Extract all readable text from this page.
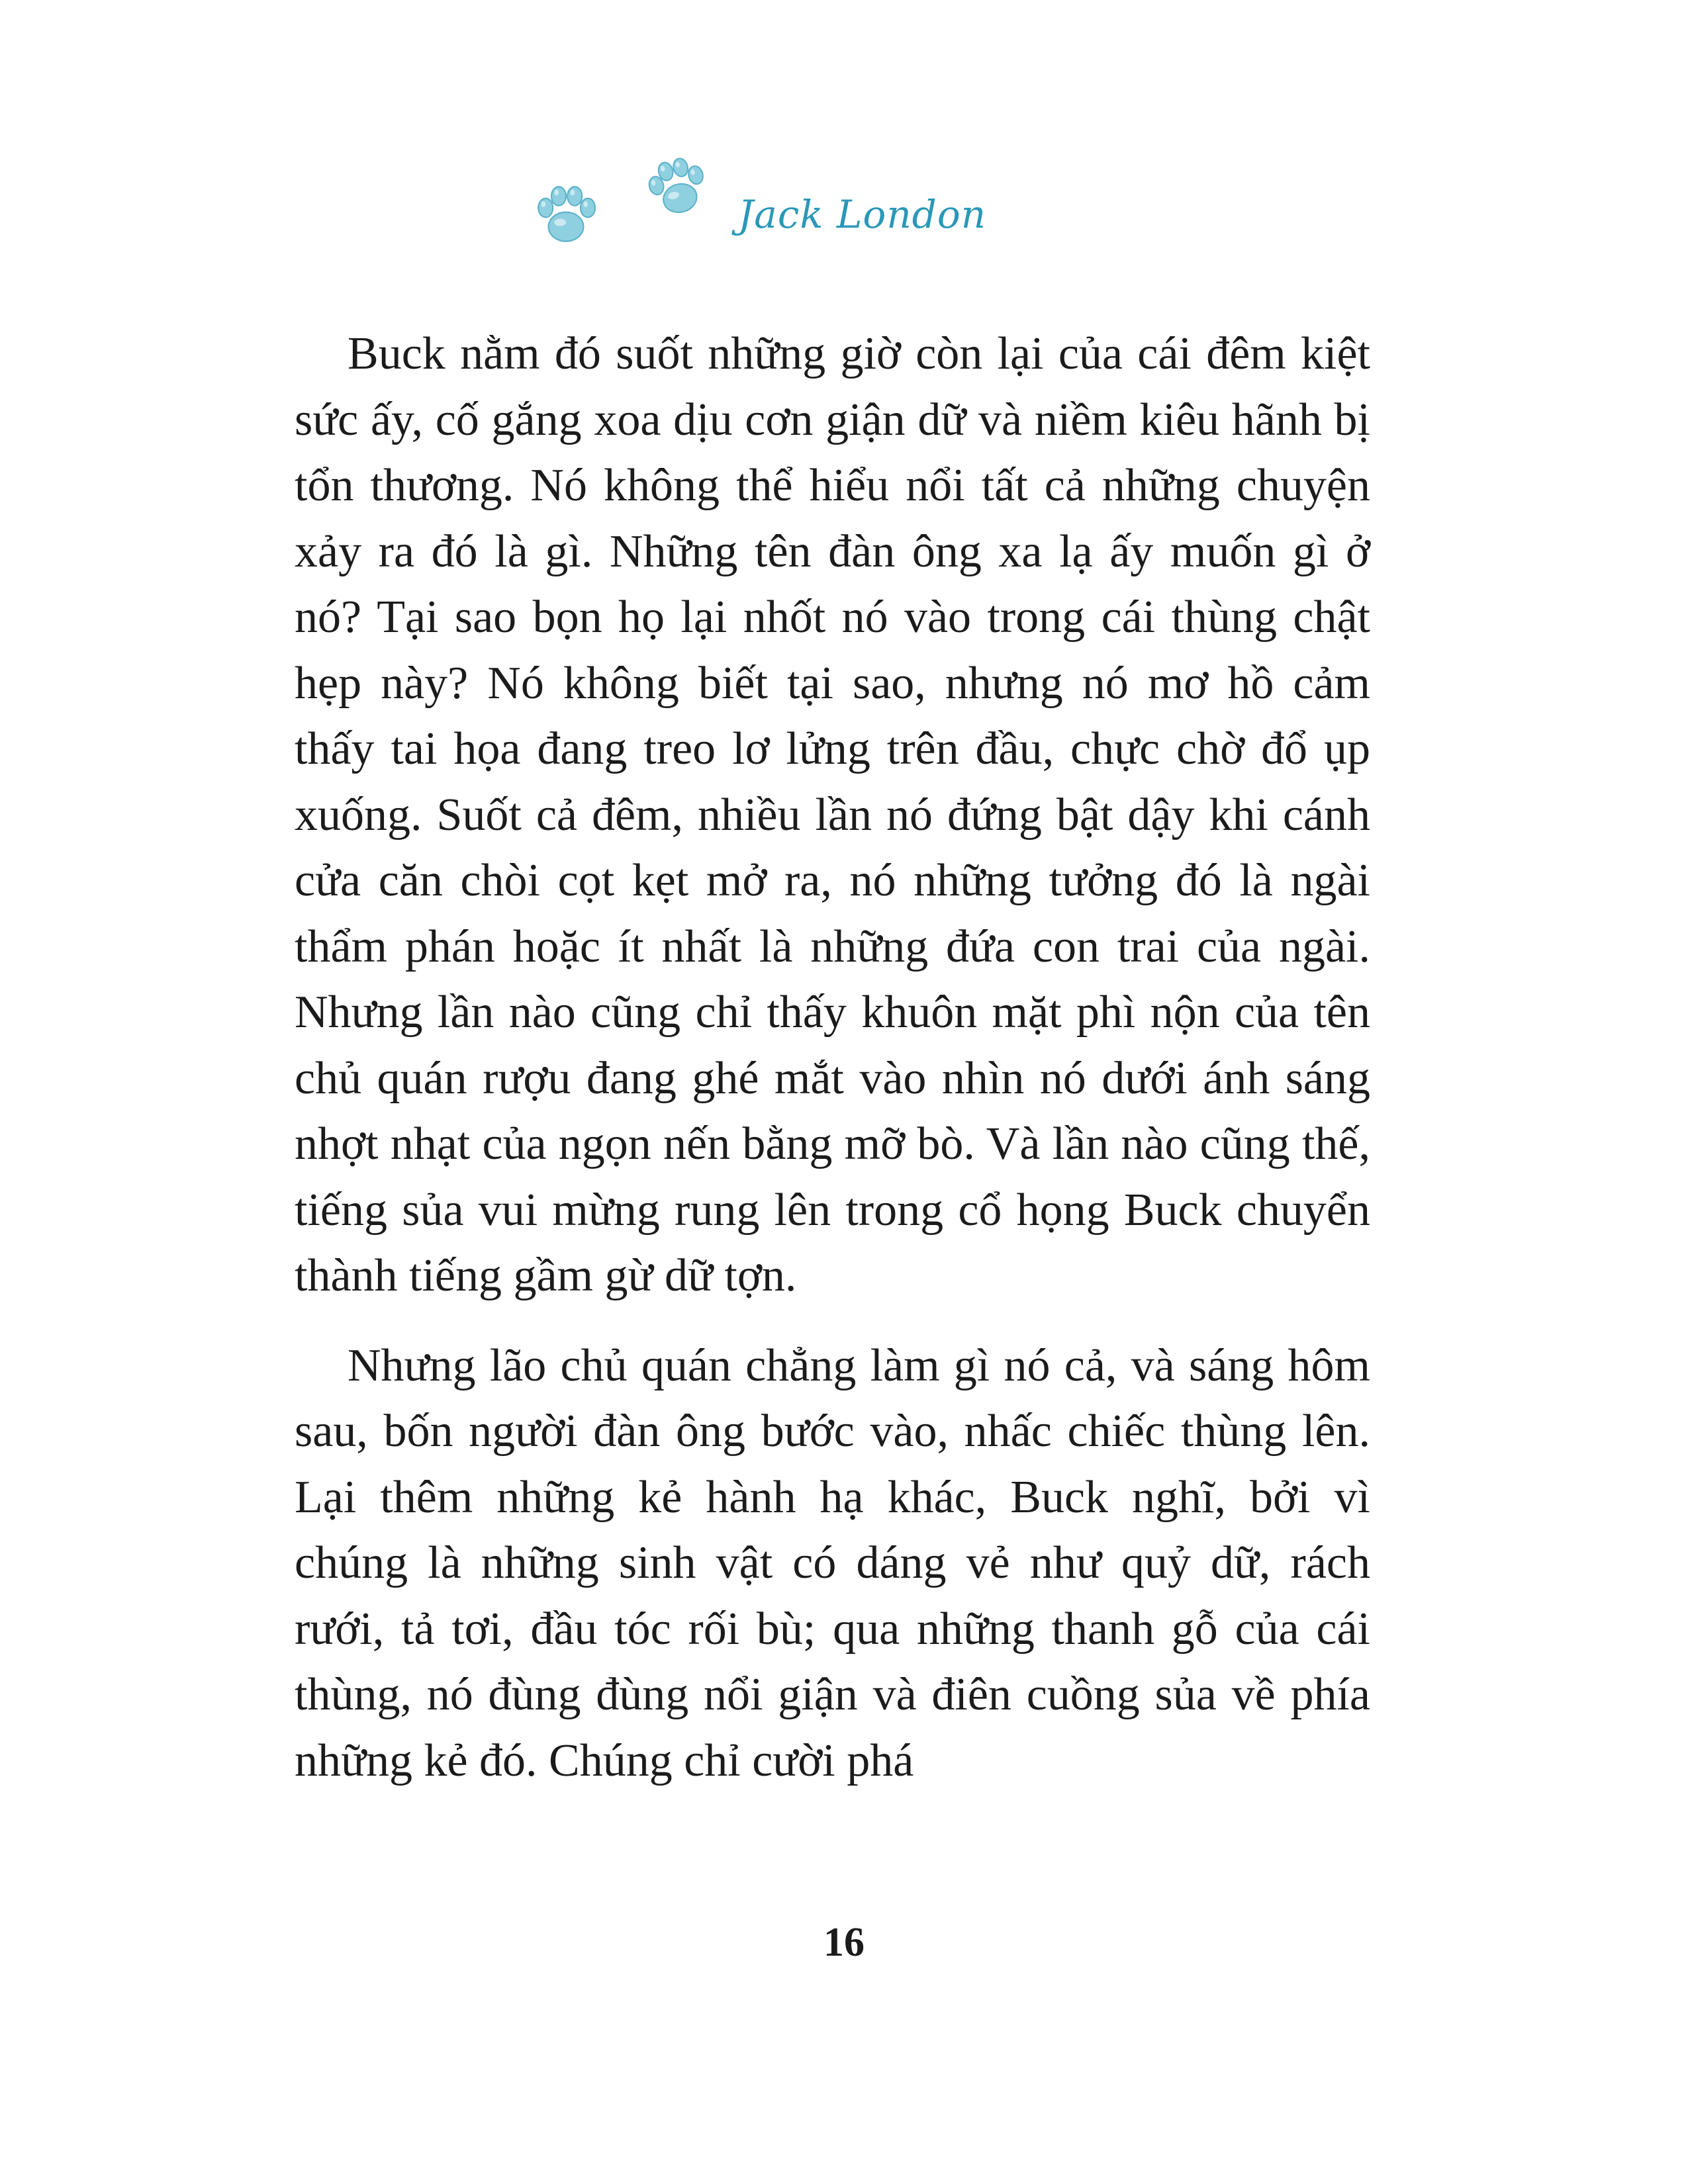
Jack London

Buck nằm đó suốt những giờ còn lại của cái đêm kiệt sức ấy, cố gắng xoa dịu cơn giận dữ và niềm kiêu hãnh bị tổn thương. Nó không thể hiểu nổi tất cả những chuyện xảy ra đó là gì. Những tên đàn ông xa lạ ấy muốn gì ở nó? Tại sao bọn họ lại nhốt nó vào trong cái thùng chật hẹp này? Nó không biết tại sao, nhưng nó mơ hồ cảm thấy tai họa đang treo lơ lửng trên đầu, chực chờ đổ ụp xuống. Suốt cả đêm, nhiều lần nó đứng bật dậy khi cánh cửa căn chòi cọt kẹt mở ra, nó những tưởng đó là ngài thẩm phán hoặc ít nhất là những đứa con trai của ngài. Nhưng lần nào cũng chỉ thấy khuôn mặt phì nộn của tên chủ quán rượu đang ghé mắt vào nhìn nó dưới ánh sáng nhợt nhạt của ngọn nến bằng mỡ bò. Và lần nào cũng thế, tiếng sủa vui mừng rung lên trong cổ họng Buck chuyển thành tiếng gầm gừ dữ tợn.

Nhưng lão chủ quán chẳng làm gì nó cả, và sáng hôm sau, bốn người đàn ông bước vào, nhấc chiếc thùng lên. Lại thêm những kẻ hành hạ khác, Buck nghĩ, bởi vì chúng là những sinh vật có dáng vẻ như quỷ dữ, rách rưới, tả tơi, đầu tóc rối bù; qua những thanh gỗ của cái thùng, nó đùng đùng nổi giận và điên cuồng sủa về phía những kẻ đó. Chúng chỉ cười phá

16
